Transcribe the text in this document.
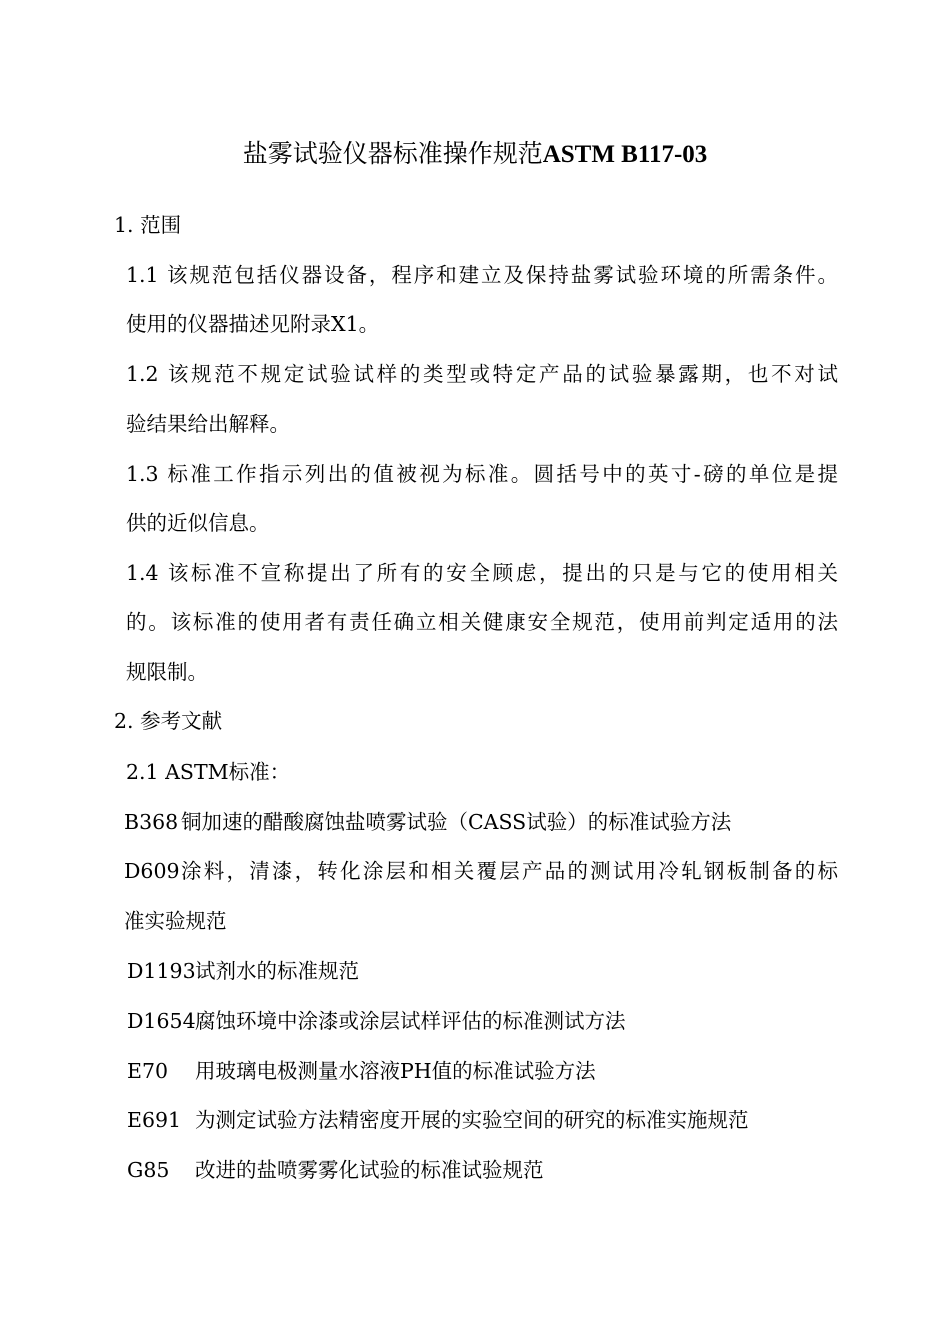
盐雾试验仪器标准操作规范ASTM B117-03
1. 范围
1.1 该规范包括仪器设备，程序和建立及保持盐雾试验环境的所需条件。
使用的仪器描述见附录X1。
1.2 该规范不规定试验试样的类型或特定产品的试验暴露期，也不对试
验结果给出解释。
1.3 标准工作指示列出的值被视为标准。圆括号中的英寸-磅的单位是提
供的近似信息。
1.4 该标准不宣称提出了所有的安全顾虑，提出的只是与它的使用相关
的。该标准的使用者有责任确立相关健康安全规范，使用前判定适用的法
规限制。
2. 参考文献
2.1 ASTM标准：
B368 铜加速的醋酸腐蚀盐喷雾试验（CASS试验）的标准试验方法
D609 涂料，清漆，转化涂层和相关覆层产品的测试用冷轧钢板制备的标
准实验规范
D1193 试剂水的标准规范
D1654 腐蚀环境中涂漆或涂层试样评估的标准测试方法
E70 用玻璃电极测量水溶液PH值的标准试验方法
E691 为测定试验方法精密度开展的实验空间的研究的标准实施规范
G85 改进的盐喷雾雾化试验的标准试验规范
